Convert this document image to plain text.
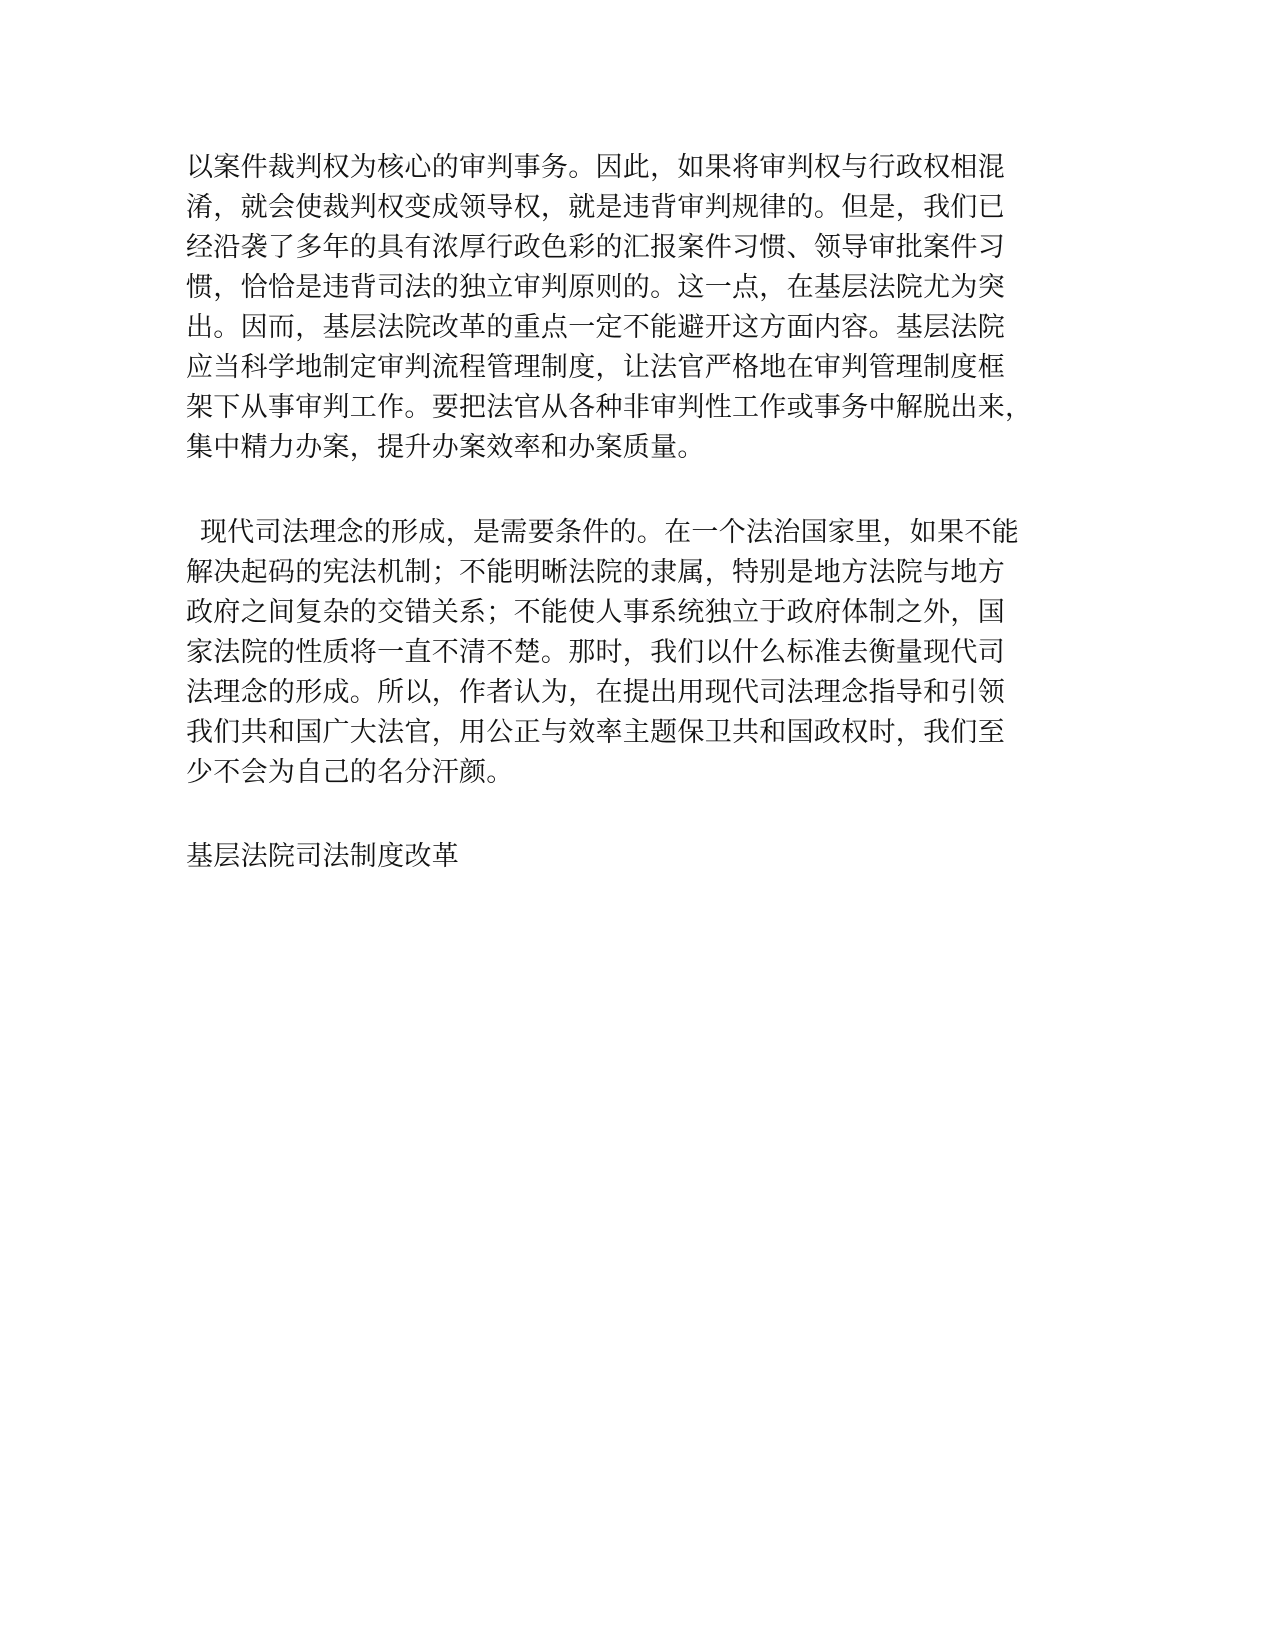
以案件裁判权为核心的审判事务。因此，如果将审判权与行政权相混
淆，就会使裁判权变成领导权，就是违背审判规律的。但是，我们已
经沿袭了多年的具有浓厚行政色彩的汇报案件习惯、领导审批案件习
惯，恰恰是违背司法的独立审判原则的。这一点，在基层法院尤为突
出。因而，基层法院改革的重点一定不能避开这方面内容。基层法院
应当科学地制定审判流程管理制度，让法官严格地在审判管理制度框
架下从事审判工作。要把法官从各种非审判性工作或事务中解脱出来，
集中精力办案，提升办案效率和办案质量。
现代司法理念的形成，是需要条件的。在一个法治国家里，如果不能
解决起码的宪法机制；不能明晰法院的隶属，特别是地方法院与地方
政府之间复杂的交错关系；不能使人事系统独立于政府体制之外，国
家法院的性质将一直不清不楚。那时，我们以什么标准去衡量现代司
法理念的形成。所以，作者认为，在提出用现代司法理念指导和引领
我们共和国广大法官，用公正与效率主题保卫共和国政权时，我们至
少不会为自己的名分汗颜。
基层法院司法制度改革
